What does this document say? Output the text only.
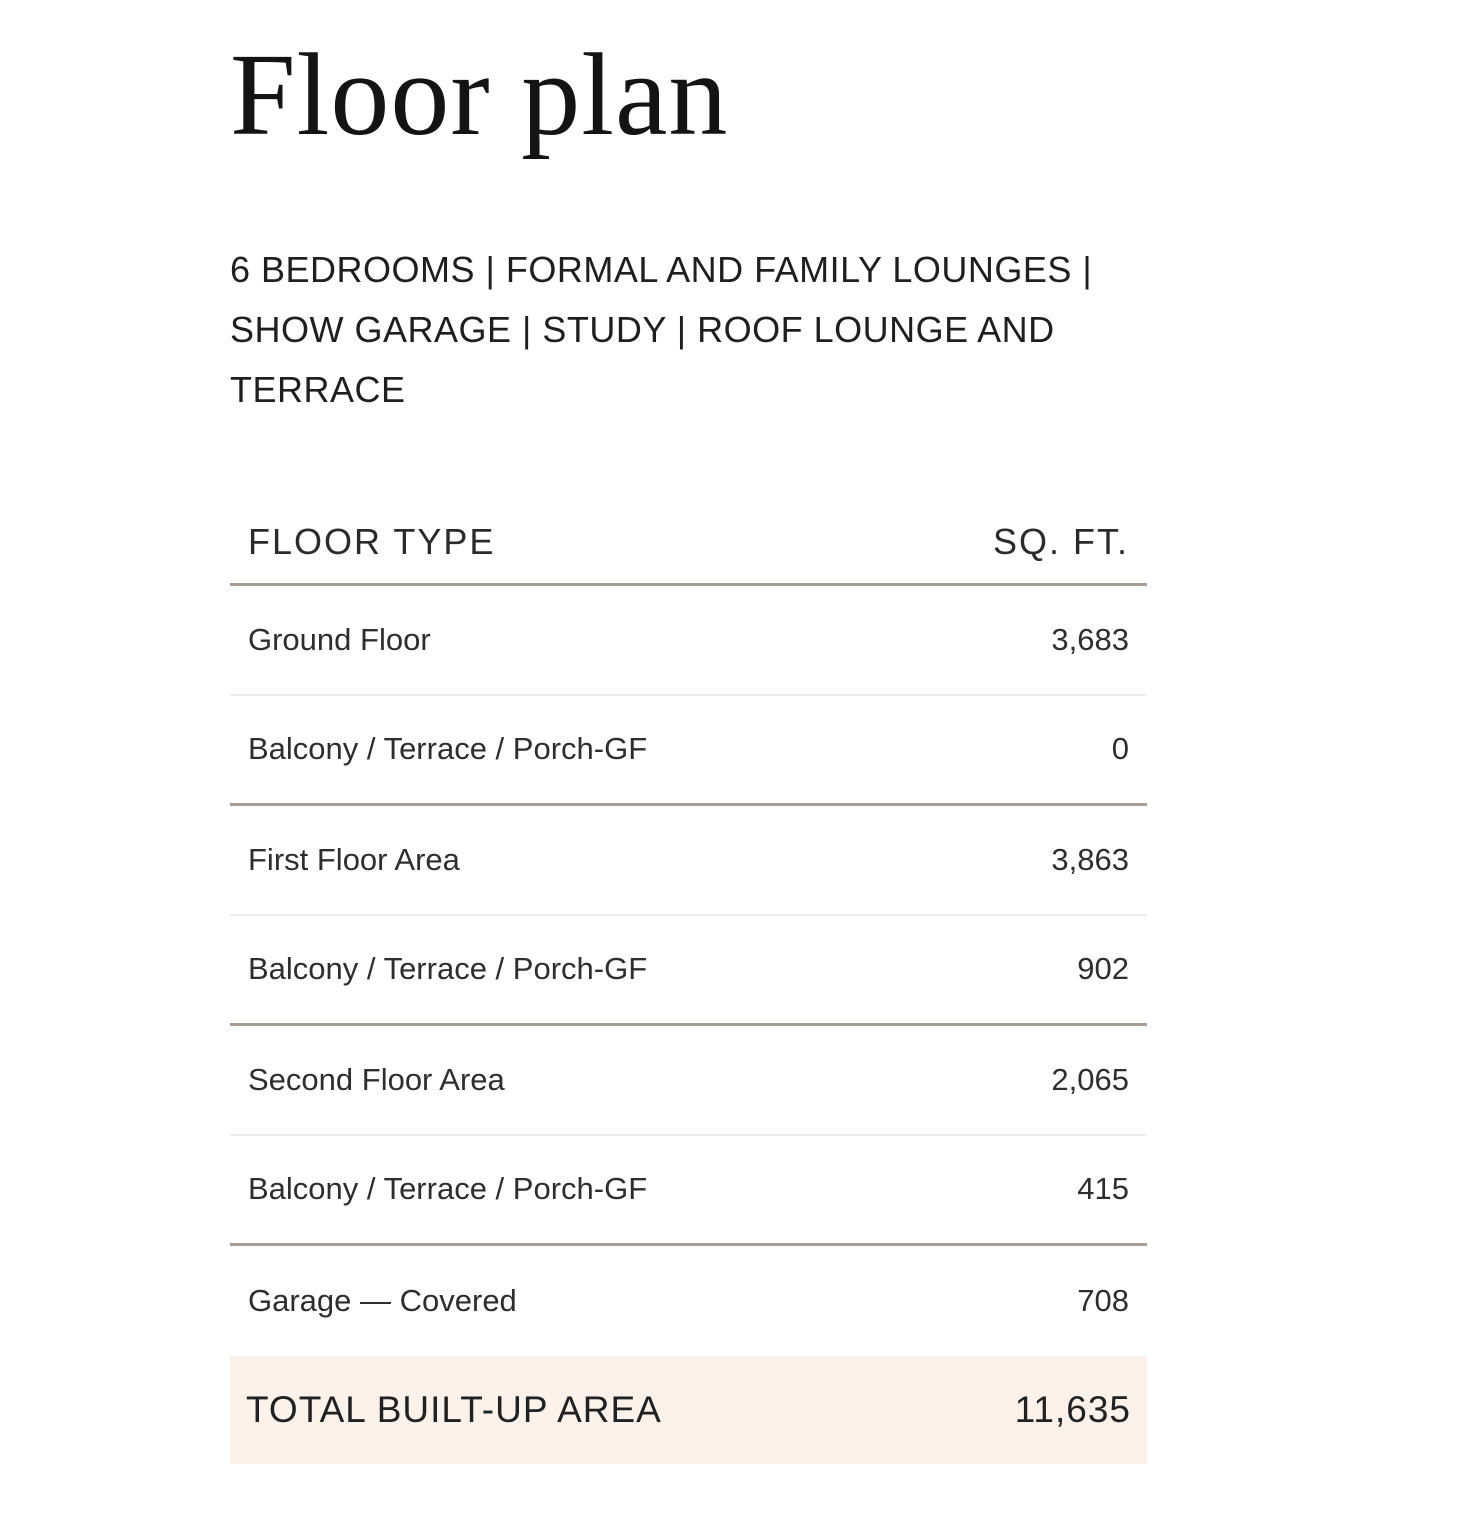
Floor plan
6 BEDROOMS | FORMAL AND FAMILY LOUNGES | SHOW GARAGE | STUDY | ROOF LOUNGE AND TERRACE
FLOOR TYPE	SQ. FT.
Ground Floor	3,683
Balcony / Terrace / Porch-GF	0
First Floor Area	3,863
Balcony / Terrace / Porch-GF	902
Second Floor Area	2,065
Balcony / Terrace / Porch-GF	415
Garage — Covered	708
TOTAL BUILT-UP AREA	11,635
